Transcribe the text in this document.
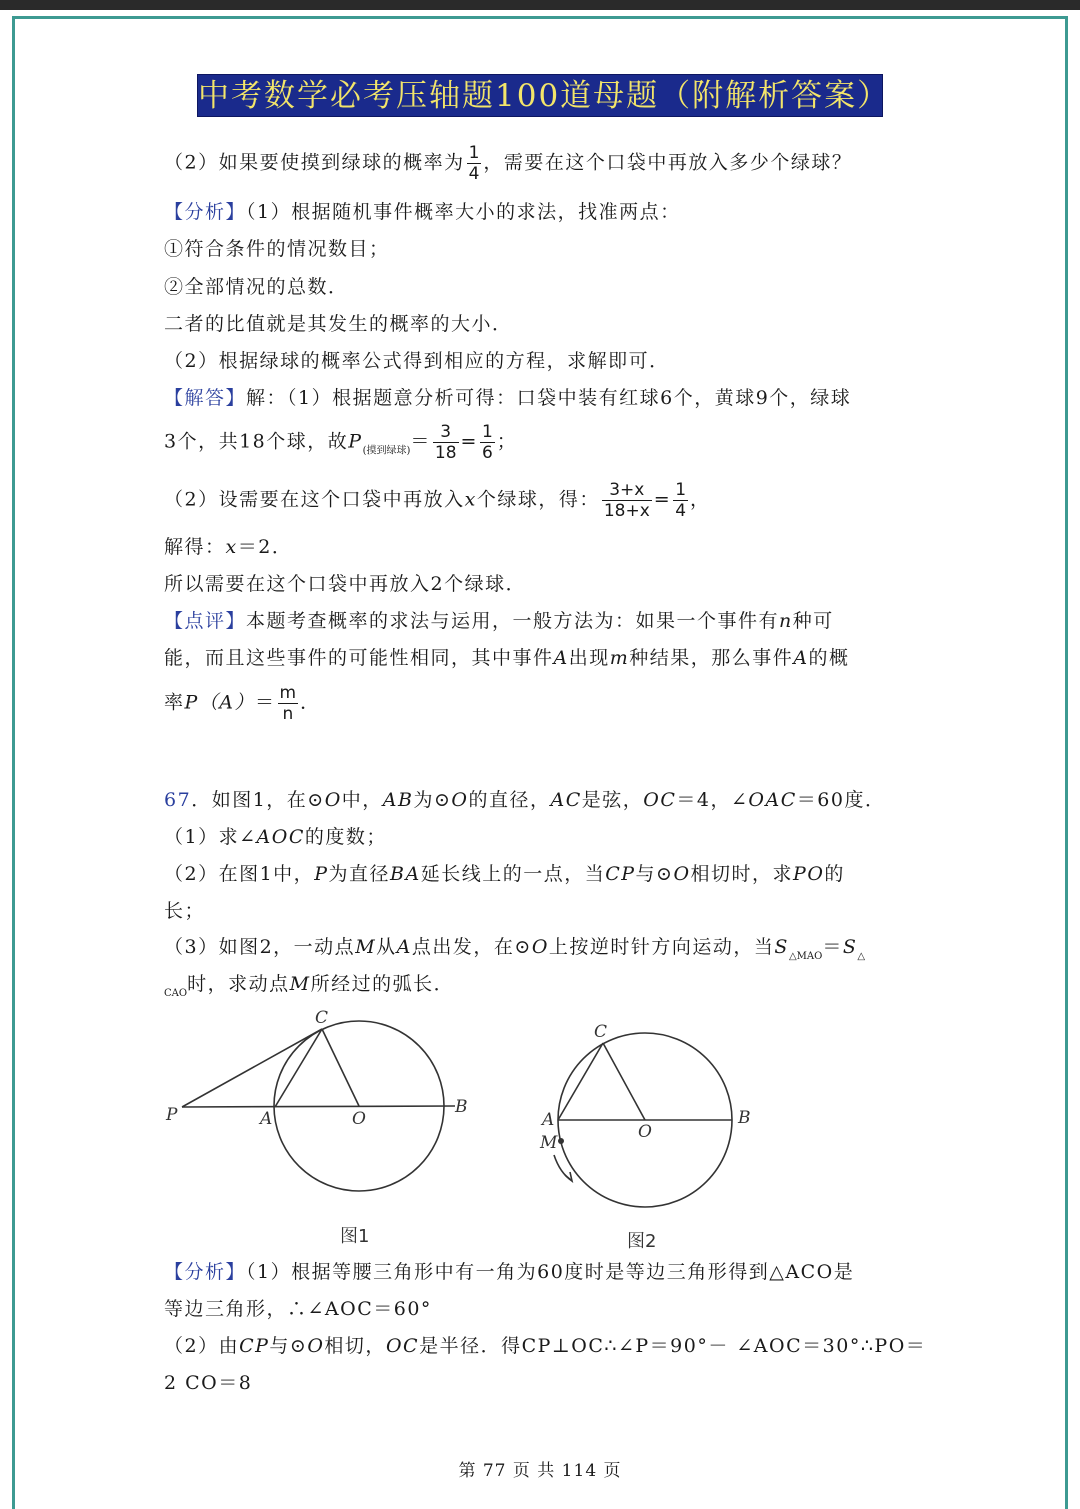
中考数学必考压轴题100道母题（附解析答案）
（2）如果要使摸到绿球的概率为 $\frac{1}{4}$ ，需要在这个口袋中再放入多少个绿球？
【分析】（1）根据随机事件概率大小的求法，找准两点：
①符合条件的情况数目；
②全部情况的总数．
二者的比值就是其发生的概率的大小．
（2）根据绿球的概率公式得到相应的方程，求解即可．
【解答】解：（1）根据题意分析可得：口袋中装有红球6个，黄球9个，绿球
3个，共18个球，故$P_{(摸到绿球)}= \frac{3}{18} = \frac{1}{6}$ ；
（2）设需要在这个口袋中再放入x个绿球，得： $\frac{3+x}{18+x} = \frac{1}{4}$ ，
解得：x＝2．
所以需要在这个口袋中再放入2个绿球．
【点评】本题考查概率的求法与运用，一般方法为：如果一个事件有n种可
能，而且这些事件的可能性相同，其中事件A出现m种结果，那么事件A的概
率$P(A)= \frac{m}{n}$ ．
67．如图1，在⊙O中，AB为⊙O的直径，AC是弦，OC＝4，∠OAC＝60度．
（1）求∠AOC的度数；
（2）在图1中，P为直径BA延长线上的一点，当CP与⊙O相切时，求PO的
长；
（3）如图2，一动点M从A点出发，在⊙O上按逆时针方向运动，当$S_{\triangle MAO}=S_\triangle$
$_{CAO}$时，求动点M所经过的弧长．
C
P	A	O
B
图1
C
A
M
O
B
图2
【分析】（1）根据等腰三角形中有一角为60度时是等边三角形得到△ACO是
等边三角形，∴∠AOC＝60°
（2）由CP与⊙O相切，OC是半径．得CP⊥OC∴∠P＝90°－ ∠AOC＝30°∴PO＝
2 CO＝8
第 77 页 共 114 页
